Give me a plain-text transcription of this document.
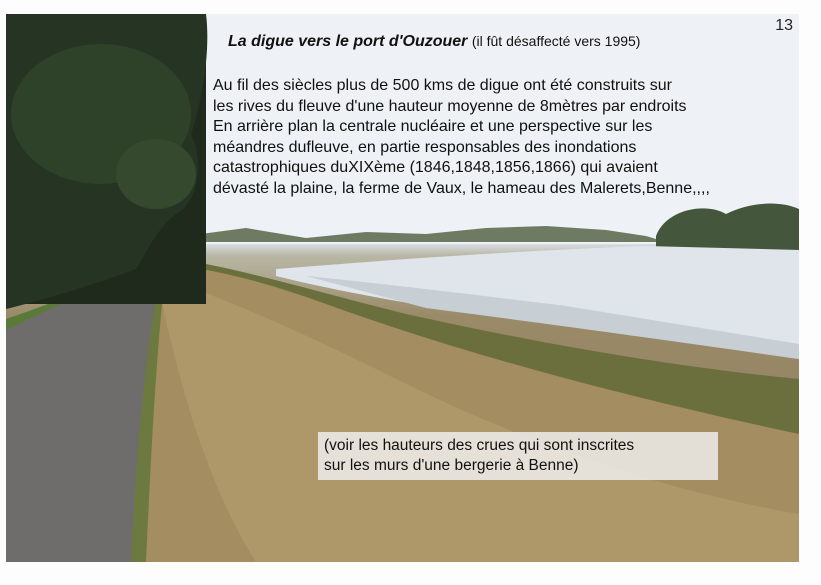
13
La digue vers le port d'Ouzouer (il fût désaffecté vers 1995)
Au fil des siècles plus de 500 kms de digue ont été construits sur
les rives du fleuve d'une hauteur moyenne de 8mètres par endroits
En arrière plan la centrale nucléaire et une perspective sur les
méandres dufleuve, en partie responsables des inondations
catastrophiques duXIXème (1846,1848,1856,1866) qui avaient
dévasté la plaine, la ferme de Vaux, le hameau des Malerets,Benne,,,,
(voir les hauteurs des crues qui sont inscrites
sur les murs d'une bergerie à Benne)
